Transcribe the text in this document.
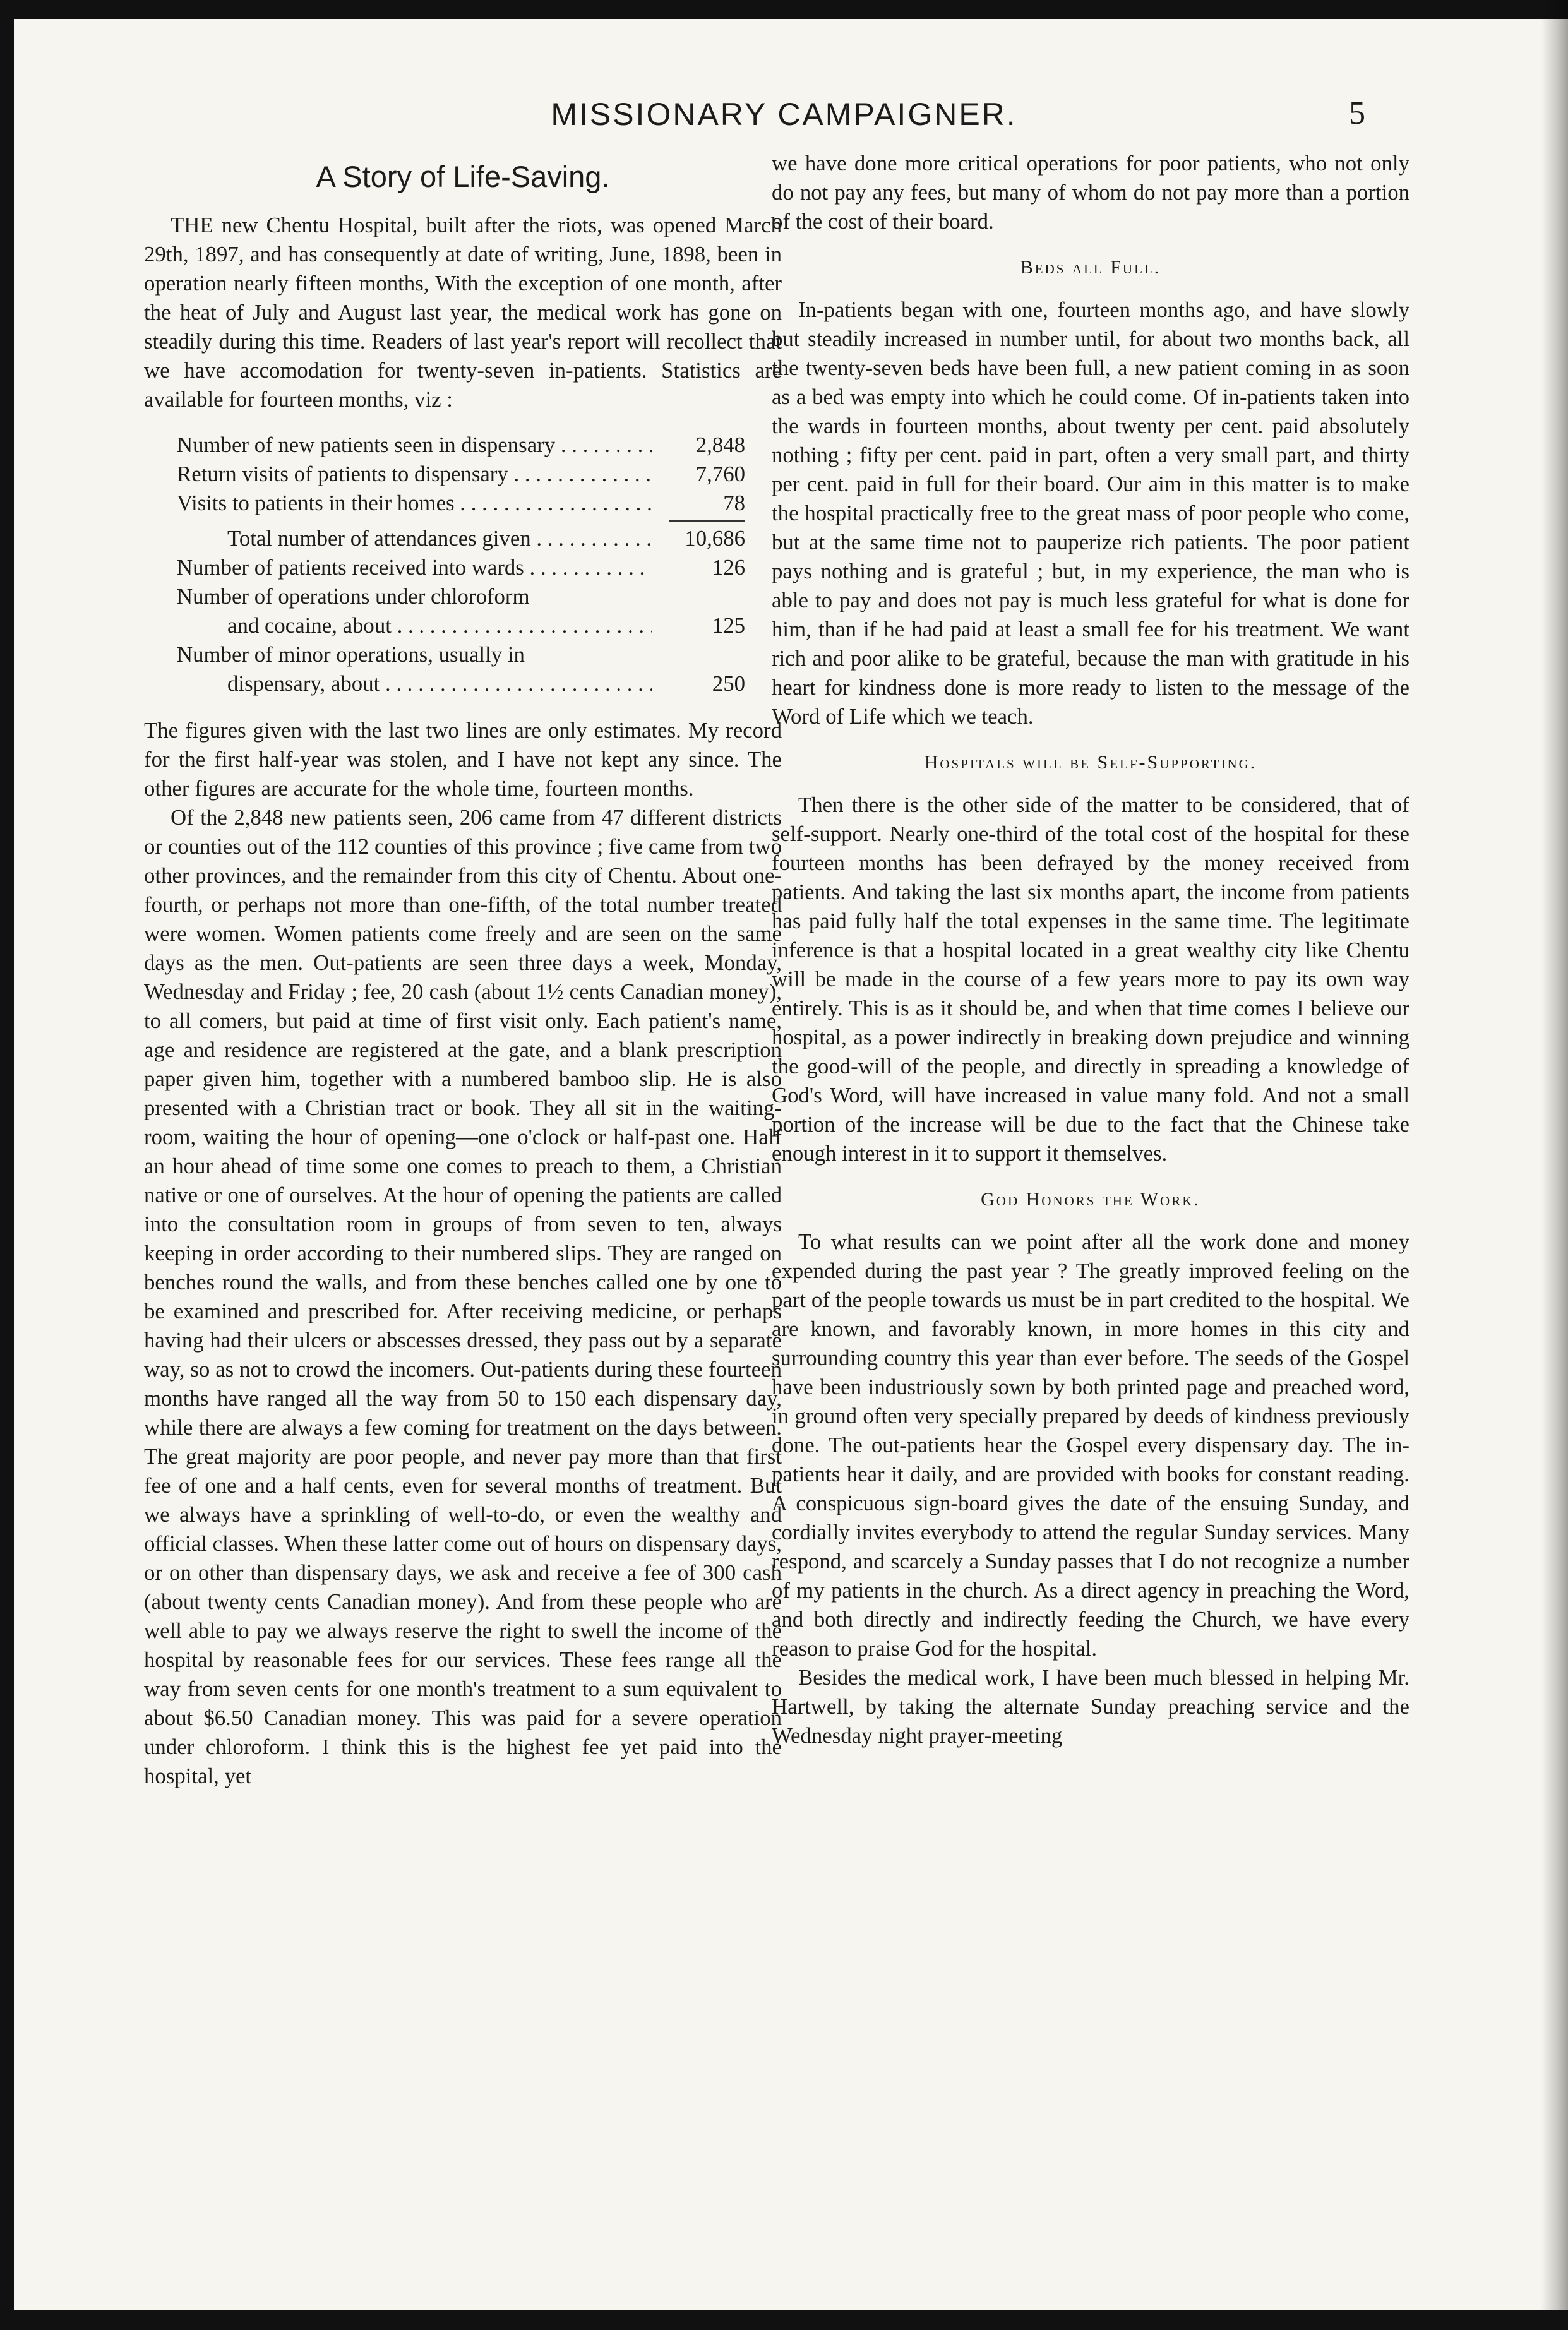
MISSIONARY CAMPAIGNER.	5
A Story of Life-Saving.

THE new Chentu Hospital, built after the riots, was opened March 29th, 1897, and has consequently at date of writing, June, 1898, been in operation nearly fifteen months, With the exception of one month, after the heat of July and August last year, the medical work has gone on steadily during this time. Readers of last year's report will recollect that we have accomodation for twenty-seven in-patients. Statistics are available for fourteen months, viz :

Number of new patients seen in dispensary . . .	2,848
Return visits of patients to dispensary . . .	7,760
Visits to patients in their homes . . .	78
Total number of attendances given . . .	10,686
Number of patients received into wards . . .	126
Number of operations under chloroform
and cocaine, about . . .	125
Number of minor operations, usually in
dispensary, about . . .	250

The figures given with the last two lines are only estimates. My record for the first half-year was stolen, and I have not kept any since. The other figures are accurate for the whole time, fourteen months.

Of the 2,848 new patients seen, 206 came from 47 different districts or counties out of the 112 counties of this province ; five came from two other provinces, and the remainder from this city of Chentu. About one-fourth, or perhaps not more than one-fifth, of the total number treated were women. Women patients come freely and are seen on the same days as the men. Out-patients are seen three days a week, Monday, Wednesday and Friday ; fee, 20 cash (about 1½ cents Canadian money), to all comers, but paid at time of first visit only. Each patient's name, age and residence are registered at the gate, and a blank prescription paper given him, together with a numbered bamboo slip. He is also presented with a Christian tract or book. They all sit in the waiting-room, waiting the hour of opening—one o'clock or half-past one. Half an hour ahead of time some one comes to preach to them, a Christian native or one of ourselves. At the hour of opening the patients are called into the consultation room in groups of from seven to ten, always keeping in order according to their numbered slips. They are ranged on benches round the walls, and from these benches called one by one to be examined and prescribed for. After receiving medicine, or perhaps having had their ulcers or abscesses dressed, they pass out by a separate way, so as not to crowd the incomers. Out-patients during these fourteen months have ranged all the way from 50 to 150 each dispensary day, while there are always a few coming for treatment on the days between. The great majority are poor people, and never pay more than that first fee of one and a half cents, even for several months of treatment. But we always have a sprinkling of well-to-do, or even the wealthy and official classes. When these latter come out of hours on dispensary days, or on other than dispensary days, we ask and receive a fee of 300 cash (about twenty cents Canadian money). And from these people who are well able to pay we always reserve the right to swell the income of the hospital by reasonable fees for our services. These fees range all the way from seven cents for one month's treatment to a sum equivalent to about $6.50 Canadian money. This was paid for a severe operation under chloroform. I think this is the highest fee yet paid into the hospital, yet

we have done more critical operations for poor patients, who not only do not pay any fees, but many of whom do not pay more than a portion of the cost of their board.

Beds all Full.

In-patients began with one, fourteen months ago, and have slowly but steadily increased in number until, for about two months back, all the twenty-seven beds have been full, a new patient coming in as soon as a bed was empty into which he could come. Of in-patients taken into the wards in fourteen months, about twenty per cent. paid absolutely nothing ; fifty per cent. paid in part, often a very small part, and thirty per cent. paid in full for their board. Our aim in this matter is to make the hospital practically free to the great mass of poor people who come, but at the same time not to pauperize rich patients. The poor patient pays nothing and is grateful ; but, in my experience, the man who is able to pay and does not pay is much less grateful for what is done for him, than if he had paid at least a small fee for his treatment. We want rich and poor alike to be grateful, because the man with gratitude in his heart for kindness done is more ready to listen to the message of the Word of Life which we teach.

Hospitals will be Self-Supporting.

Then there is the other side of the matter to be considered, that of self-support. Nearly one-third of the total cost of the hospital for these fourteen months has been defrayed by the money received from patients. And taking the last six months apart, the income from patients has paid fully half the total expenses in the same time. The legitimate inference is that a hospital located in a great wealthy city like Chentu will be made in the course of a few years more to pay its own way entirely. This is as it should be, and when that time comes I believe our hospital, as a power indirectly in breaking down prejudice and winning the good-will of the people, and directly in spreading a knowledge of God's Word, will have increased in value many fold. And not a small portion of the increase will be due to the fact that the Chinese take enough interest in it to support it themselves.

God Honors the Work.

To what results can we point after all the work done and money expended during the past year ? The greatly improved feeling on the part of the people towards us must be in part credited to the hospital. We are known, and favorably known, in more homes in this city and surrounding country this year than ever before. The seeds of the Gospel have been industriously sown by both printed page and preached word, in ground often very specially prepared by deeds of kindness previously done. The out-patients hear the Gospel every dispensary day. The in-patients hear it daily, and are provided with books for constant reading. A conspicuous sign-board gives the date of the ensuing Sunday, and cordially invites everybody to attend the regular Sunday services. Many respond, and scarcely a Sunday passes that I do not recognize a number of my patients in the church. As a direct agency in preaching the Word, and both directly and indirectly feeding the Church, we have every reason to praise God for the hospital.

Besides the medical work, I have been much blessed in helping Mr. Hartwell, by taking the alternate Sunday preaching service and the Wednesday night prayer-meeting
